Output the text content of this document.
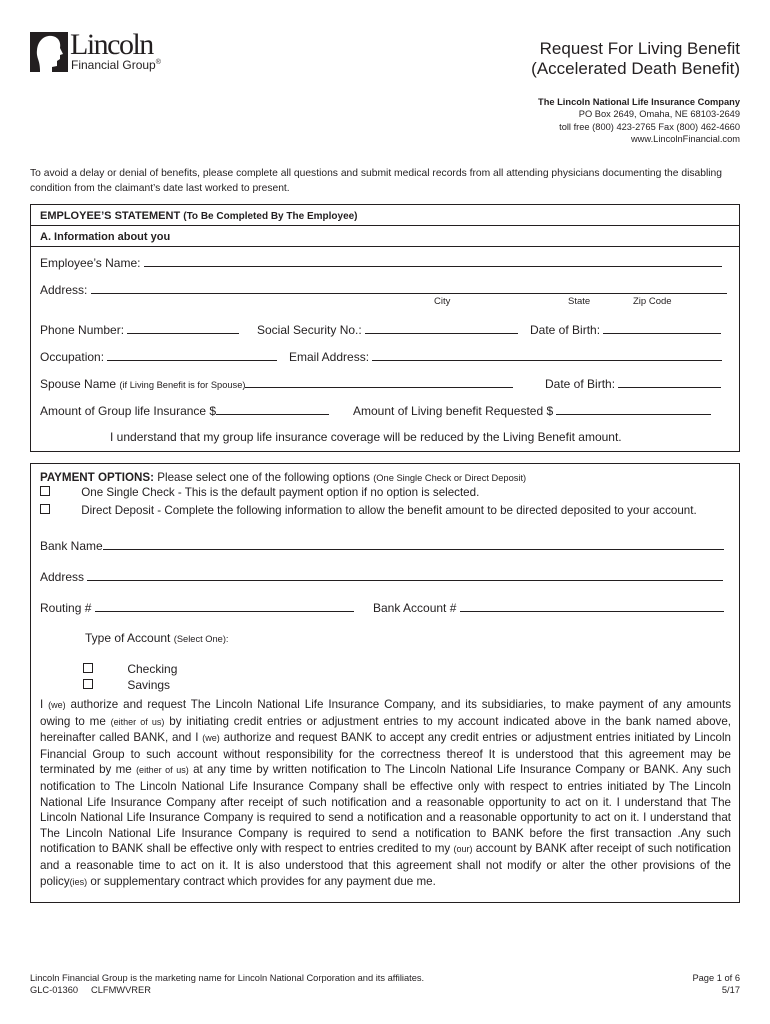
Lincoln
Financial Group®
Request For Living Benefit
(Accelerated Death Benefit)
The Lincoln National Life Insurance Company
PO Box 2649, Omaha, NE 68103-2649
toll free (800) 423-2765 Fax (800) 462-4660
www.LincolnFinancial.com
To avoid a delay or denial of benefits, please complete all questions and submit medical records from all attending physicians documenting the disabling condition from the claimant’s date last worked to present.
EMPLOYEE’S STATEMENT (To Be Completed By The Employee)
A. Information about you
Employee’s Name:
Address:
City	State	Zip Code
Phone Number:	Social Security No.:	Date of Birth:
Occupation:	Email Address:
Spouse Name (if Living Benefit is for Spouse)	Date of Birth:
Amount of Group life Insurance $	Amount of Living benefit Requested $
I understand that my group life insurance coverage will be reduced by the Living Benefit amount.
PAYMENT OPTIONS: Please select one of the following options (One Single Check or Direct Deposit)
One Single Check - This is the default payment option if no option is selected.
Direct Deposit - Complete the following information to allow the benefit amount to be directed deposited to your account.
Bank Name
Address
Routing #	Bank Account #
Type of Account (Select One):
Checking
Savings
I (we) authorize and request The Lincoln National Life Insurance Company, and its subsidiaries, to make payment of any amounts owing to me (either of us) by initiating credit entries or adjustment entries to my account indicated above in the bank named above, hereinafter called BANK, and I (we) authorize and request BANK to accept any credit entries or adjustment entries initiated by Lincoln Financial Group to such account without responsibility for the correctness thereof It is understood that this agreement may be terminated by me (either of us) at any time by written notification to The Lincoln National Life Insurance Company or BANK. Any such notification to The Lincoln National Life Insurance Company shall be effective only with respect to entries initiated by The Lincoln National Life Insurance Company after receipt of such notification and a reasonable opportunity to act on it. I understand that The Lincoln National Life Insurance Company is required to send a notification and a reasonable opportunity to act on it. I understand that The Lincoln National Life Insurance Company is required to send a notification to BANK before the first transaction .Any such notification to BANK shall be effective only with respect to entries credited to my (our) account by BANK after receipt of such notification and a reasonable time to act on it. It is also understood that this agreement shall not modify or alter the other provisions of the policy(ies) or supplementary contract which provides for any payment due me.
Lincoln Financial Group is the marketing name for Lincoln National Corporation and its affiliates.
GLC-01360 CLFMWVRER
Page 1 of 6
5/17
